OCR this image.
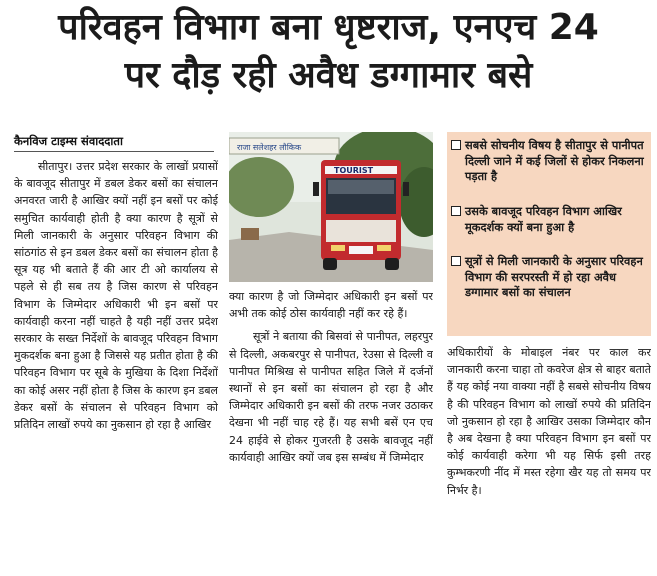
परिवहन विभाग बना धृष्टराज, एनएच 24
पर दौड़ रही अवैध डग्गामार बसे
कैनविज टाइम्स संवाददाता

सीतापुर। उत्तर प्रदेश सरकार के लाखों प्रयासों के बावजूद सीतापुर में डबल डेकर बसों का संचालन अनवरत जारी है आखिर क्यों नहीं इन बसों पर कोई समुचित कार्यवाही होती है क्या कारण है सूत्रों से मिली जानकारी के अनुसार परिवहन विभाग की सांठगांठ से इन डबल डेकर बसों का संचालन होता है सूत्र यह भी बताते हैं की आर टी ओ कार्यालय से पहले से ही सब तय है जिस कारण से परिवहन विभाग के जिम्मेदार अधिकारी भी इन बसों पर कार्यवाही करना नहीं चाहते है यही नहीं उत्तर प्रदेश सरकार के सख्त निर्देशों के बावजूद परिवहन विभाग मुकदर्शक बना हुआ है जिससे यह प्रतीत होता है की परिवहन विभाग पर सूबे के मुखिया के दिशा निर्देशों का कोई असर नहीं होता है जिस के कारण इन डबल डेकर बसों के संचालन से परिवहन विभाग को प्रतिदिन लाखों रुपये का नुकसान हो रहा है आखिर

राजा सलेशहर लौकिक
TOURIST

क्या कारण है जो जिम्मेदार अधिकारी इन बसों पर अभी तक कोई ठोस कार्यवाही नहीं कर रहे हैं।

सूत्रों ने बताया की बिसवां से पानीपत, लहरपुर से दिल्ली, अकबरपुर से पानीपत, रेउसा से दिल्ली व पानीपत मिश्रिख से पानीपत सहित जिले में दर्जनों स्थानों से इन बसों का संचालन हो रहा है और जिम्मेदार अधिकारी इन बसों की तरफ नजर उठाकर देखना भी नहीं चाह रहे हैं। यह सभी बसें एन एच 24 हाईवे से होकर गुजरती है उसके बावजूद नहीं कार्यवाही आखिर क्यों जब इस सम्बंध में जिम्मेदार

सबसे सोचनीय विषय है सीतापुर से पानीपत दिल्ली जाने में कई जिलों से होकर निकलना पड़ता है
उसके बावजूद परिवहन विभाग आखिर मूकदर्शक क्यों बना हुआ है
सूत्रों से मिली जानकारी के अनुसार परिवहन विभाग की सरपरस्ती में हो रहा अवैध डग्गामार बसों का संचालन

अधिकारीयों के मोबाइल नंबर पर काल कर जानकारी करना चाहा तो कवरेज क्षेत्र से बाहर बताते हैं यह कोई नया वाक्या नहीं है सबसे सोचनीय विषय है की परिवहन विभाग को लाखों रुपये की प्रतिदिन जो नुकसान हो रहा है आखिर उसका जिम्मेदार कौन है अब देखना है क्या परिवहन विभाग इन बसों पर कोई कार्यवाही करेगा भी यह सिर्फ इसी तरह कुम्भकरणी नींद में मस्त रहेगा खैर यह तो समय पर निर्भर है।
